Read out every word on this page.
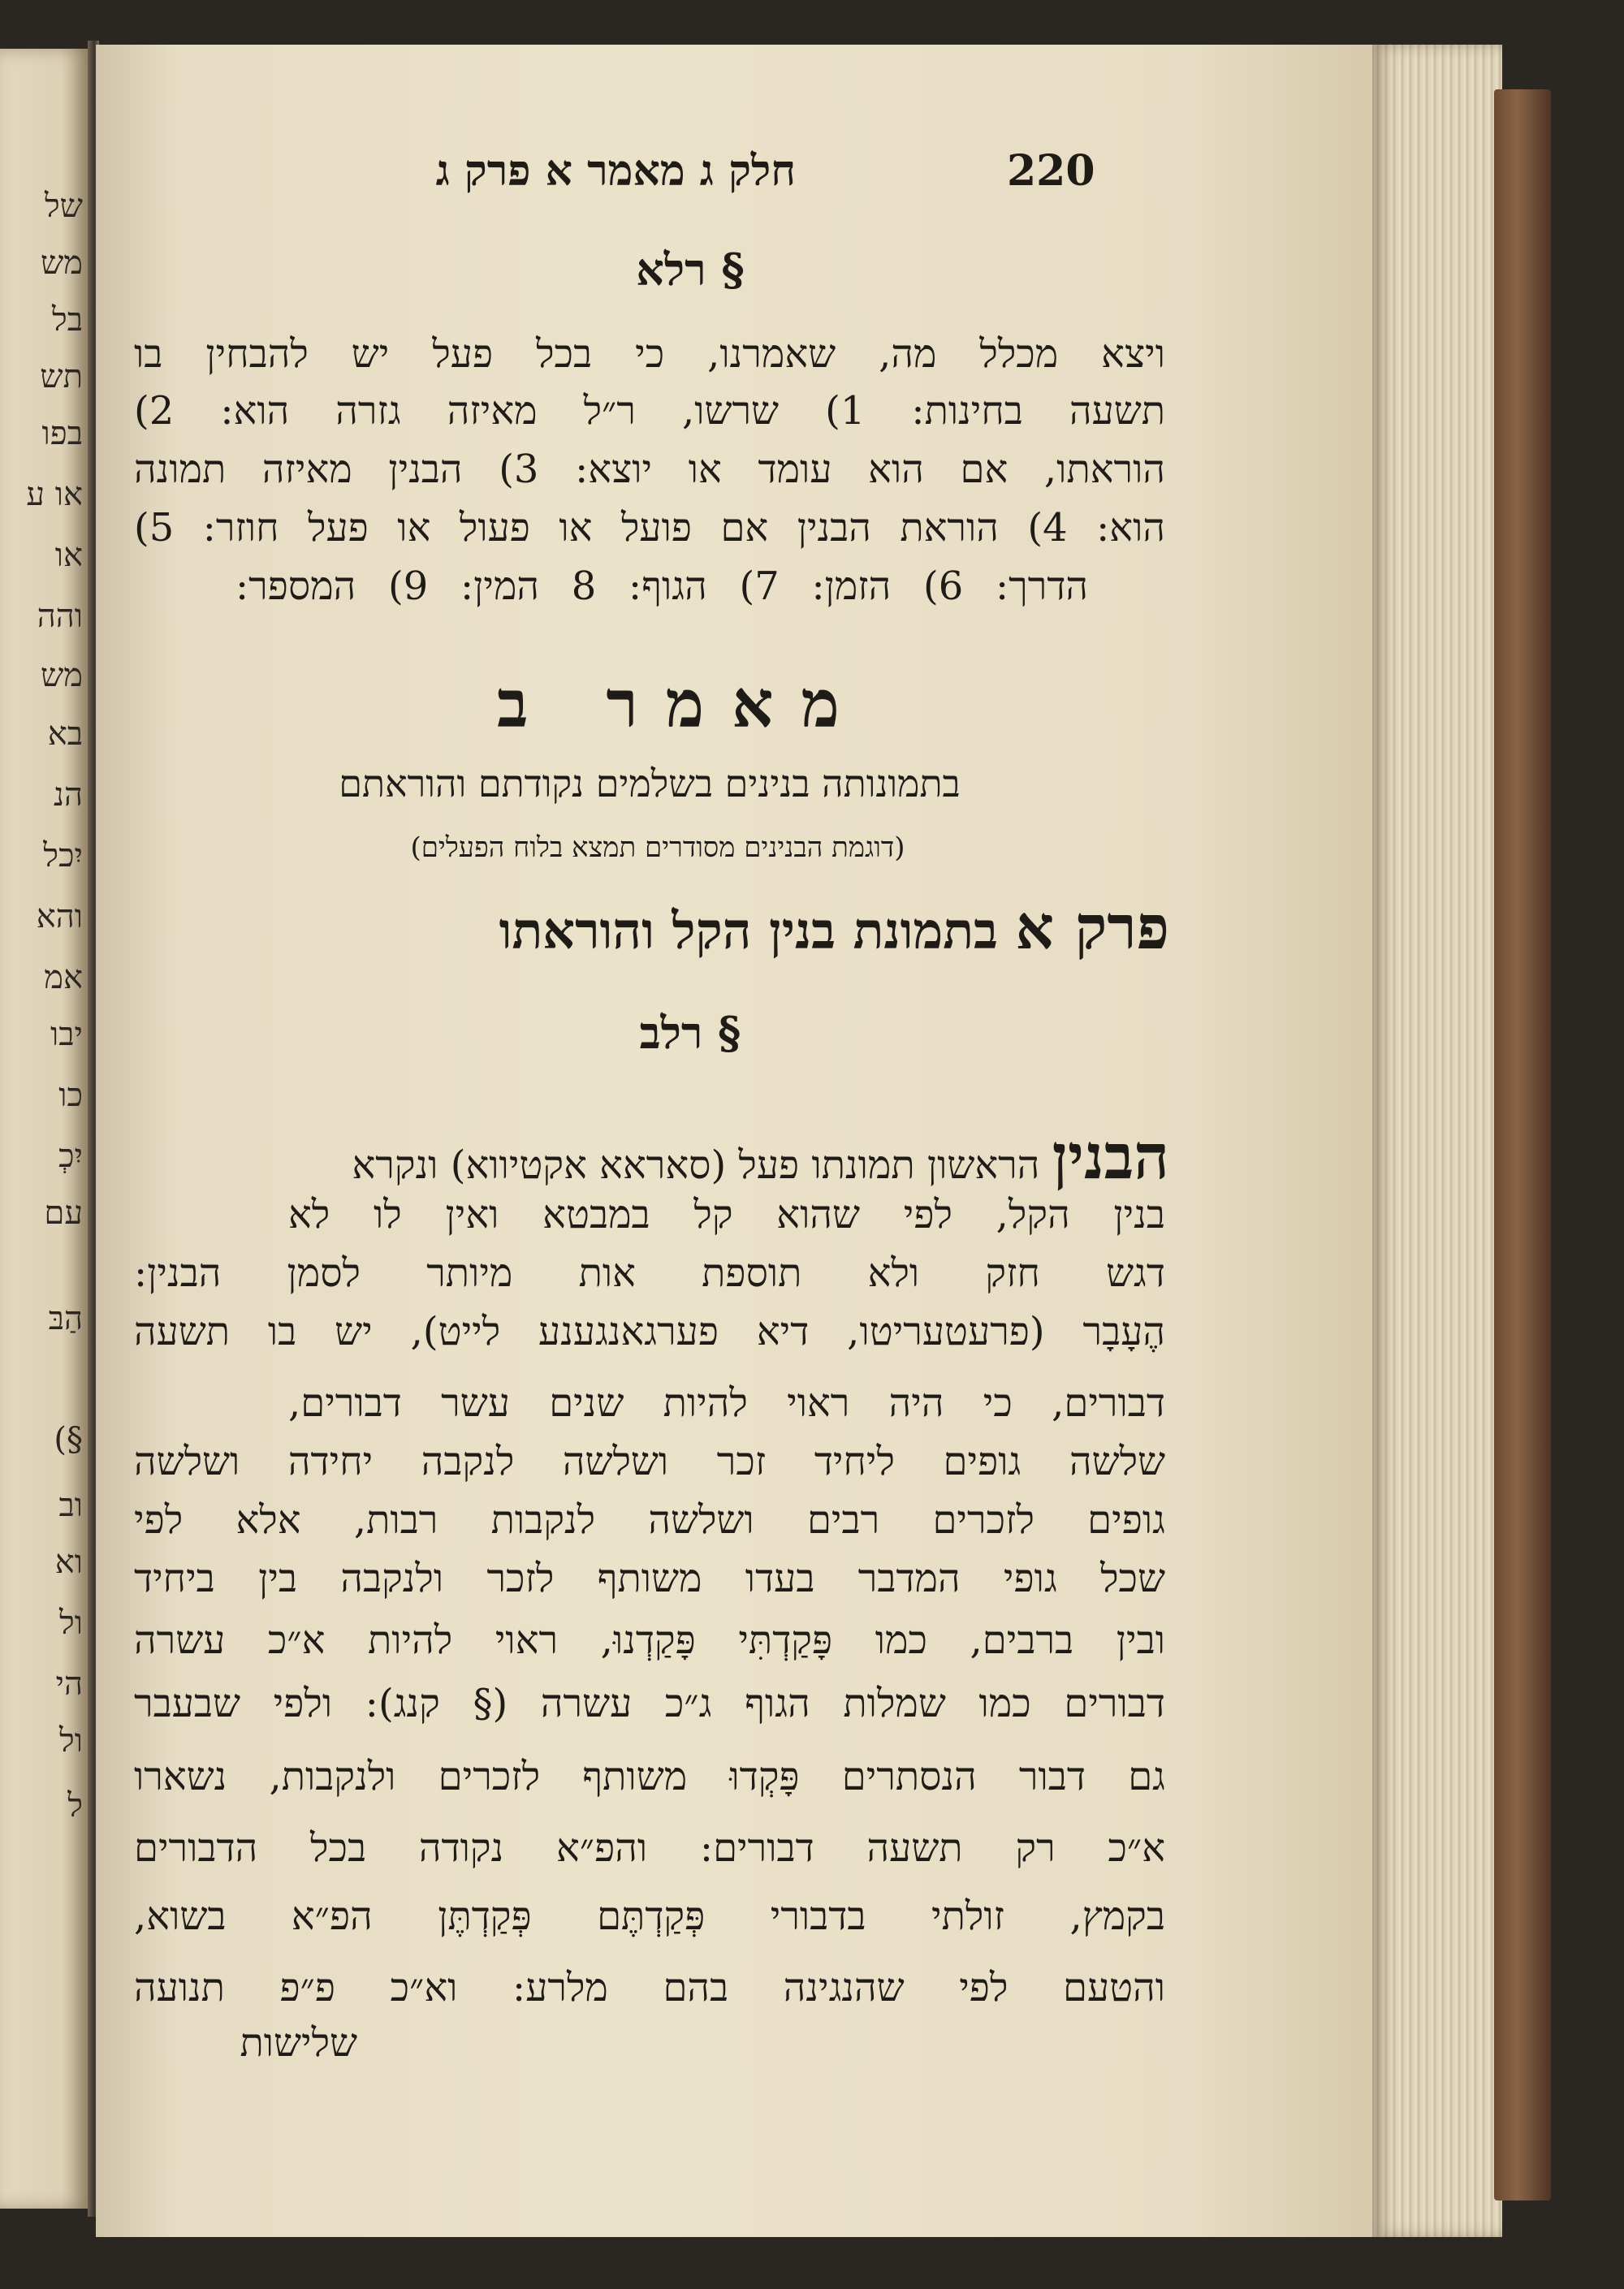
של
מש
בל
תש
בפו
או ע
או
והה
מש
בא
הנ
יִכל
והא
אמ
יבו
כו
יִכְ
עם
הַבּ
§)
וב
וא
ול
הי
ול
ל
220
חלק ג מאמר א פרק ג
§ רלא
ויצא מכלל מה, שאמרנו, כי בכל פעל יש להבחין בו
תשעה בחינות: 1) שרשו, ר״ל מאיזה גזרה הוא: 2)
הוראתו, אם הוא עומד או יוצא: 3) הבנין מאיזה תמונה
הוא: 4) הוראת הבנין אם פועל או פעול או פעל חוזר: 5)
הדרך: 6) הזמן: 7) הגוף: 8 המין: 9) המספר:
מאמר ב
בתמונותה בנינים בשלמים נקודתם והוראתם
(דוגמת הבנינים מסודרים תמצא בלוח הפעלים)
פרק א בתמונת בנין הקל והוראתו
§ רלב
הבנין הראשון תמונתו פעל (סאראא אקטיווא) ונקרא
בנין הקל, לפי שהוא קל במבטא ואין לו לא
דגש חזק ולא תוספת אות מיותר לסמן הבנין:
הֶעָבָר (פרעטעריטו, דיא פערגאנגענע לייט), יש בו תשעה
דבורים, כי היה ראוי להיות שנים עשר דבורים,
שלשה גופים ליחיד זכר ושלשה לנקבה יחידה ושלשה
גופים לזכרים רבים ושלשה לנקבות רבות, אלא לפי
שכל גופי המדבר בעדו משותף לזכר ולנקבה בין ביחיד
ובין ברבים, כמו פָּקַדְתִּי פָּקַדְנוּ, ראוי להיות א״כ עשרה
דבורים כמו שמלות הגוף ג״כ עשרה (§ קנג): ולפי שבעבר
גם דבור הנסתרים פָּקְדוּ משותף לזכרים ולנקבות, נשארו
א״כ רק תשעה דבורים: והפ״א נקודה בכל הדבורים
בקמץ, זולתי בדבורי פְּקַדְתֶּם פְּקַדְתֶּן הפ״א בשוא,
והטעם לפי שהנגינה בהם מלרע: וא״כ פ״פ תנועה
שלישות
